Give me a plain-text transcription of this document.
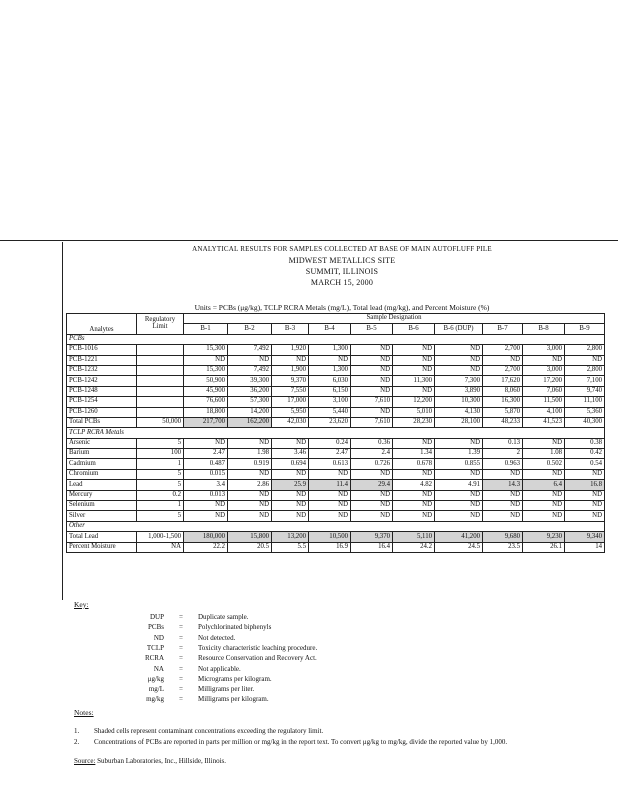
ANALYTICAL RESULTS FOR SAMPLES COLLECTED AT BASE OF MAIN AUTOFLUFF PILE
MIDWEST METALLICS SITE
SUMMIT, ILLINOIS
MARCH 15, 2000
Units = PCBs (μg/kg), TCLP RCRA Metals (mg/L), Total lead (mg/kg), and Percent Moisture (%)
Analytes	Regulatory Limit	Sample Designation									
		B-1	B-2	B-3	B-4	B-5	B-6	B-6 (DUP)	B-7	B-8	B-9
PCBs											
PCB-1016		15,300	7,492	1,920	1,300	ND	ND	ND	2,700	3,000	2,800
PCB-1221		ND	ND	ND	ND	ND	ND	ND	ND	ND	ND
PCB-1232		15,300	7,492	1,900	1,300	ND	ND	ND	2,700	3,000	2,800
PCB-1242		50,900	39,300	9,370	6,030	ND	11,300	7,300	17,620	17,200	7,100
PCB-1248		45,900	36,200	7,550	6,150	ND	ND	3,890	8,060	7,060	9,740
PCB-1254		76,600	57,300	17,000	3,100	7,610	12,200	10,300	16,300	11,500	11,100
PCB-1260		18,800	14,200	5,950	5,440	ND	5,010	4,130	5,870	4,100	5,360
Total PCBs	50,000	217,700	162,200	42,030	23,620	7,610	28,230	28,100	48,233	41,523	40,300
TCLP RCRA Metals											
Arsenic	5	ND	ND	ND	0.24	0.36	ND	ND	0.13	ND	0.38
Barium	100	2.47	1.98	3.46	2.47	2.4	1.34	1.39	2	1.08	0.42
Cadmium	1	0.487	0.919	0.694	0.613	0.726	0.678	0.855	0.963	0.502	0.54
Chromium	5	0.015	ND	ND	ND	ND	ND	ND	ND	ND	ND
Lead	5	3.4	2.86	25.9	11.4	29.4	4.82	4.91	14.3	6.4	16.8
Mercury	0.2	0.013	ND	ND	ND	ND	ND	ND	ND	ND	ND
Selenium	1	ND	ND	ND	ND	ND	ND	ND	ND	ND	ND
Silver	5	ND	ND	ND	ND	ND	ND	ND	ND	ND	ND
Other											
Total Lead	1,000-1,500	180,000	15,800	13,200	10,500	9,370	5,110	41,200	9,680	9,230	9,340
Percent Moisture	NA	22.2	20.5	5.5	16.9	16.4	24.2	24.5	23.5	26.1	14
Key:
DUP = Duplicate sample.
PCBs = Polychlorinated biphenyls
ND = Not detected.
TCLP = Toxicity characteristic leaching procedure.
RCRA = Resource Conservation and Recovery Act.
NA = Not applicable.
μg/kg = Micrograms per kilogram.
mg/L = Milligrams per liter.
mg/kg = Milligrams per kilogram.
Notes:
1. Shaded cells represent contaminant concentrations exceeding the regulatory limit.
2. Concentrations of PCBs are reported in parts per million or mg/kg in the report text. To convert μg/kg to mg/kg, divide the reported value by 1,000.
Source: Suburban Laboratories, Inc., Hillside, Illinois.
